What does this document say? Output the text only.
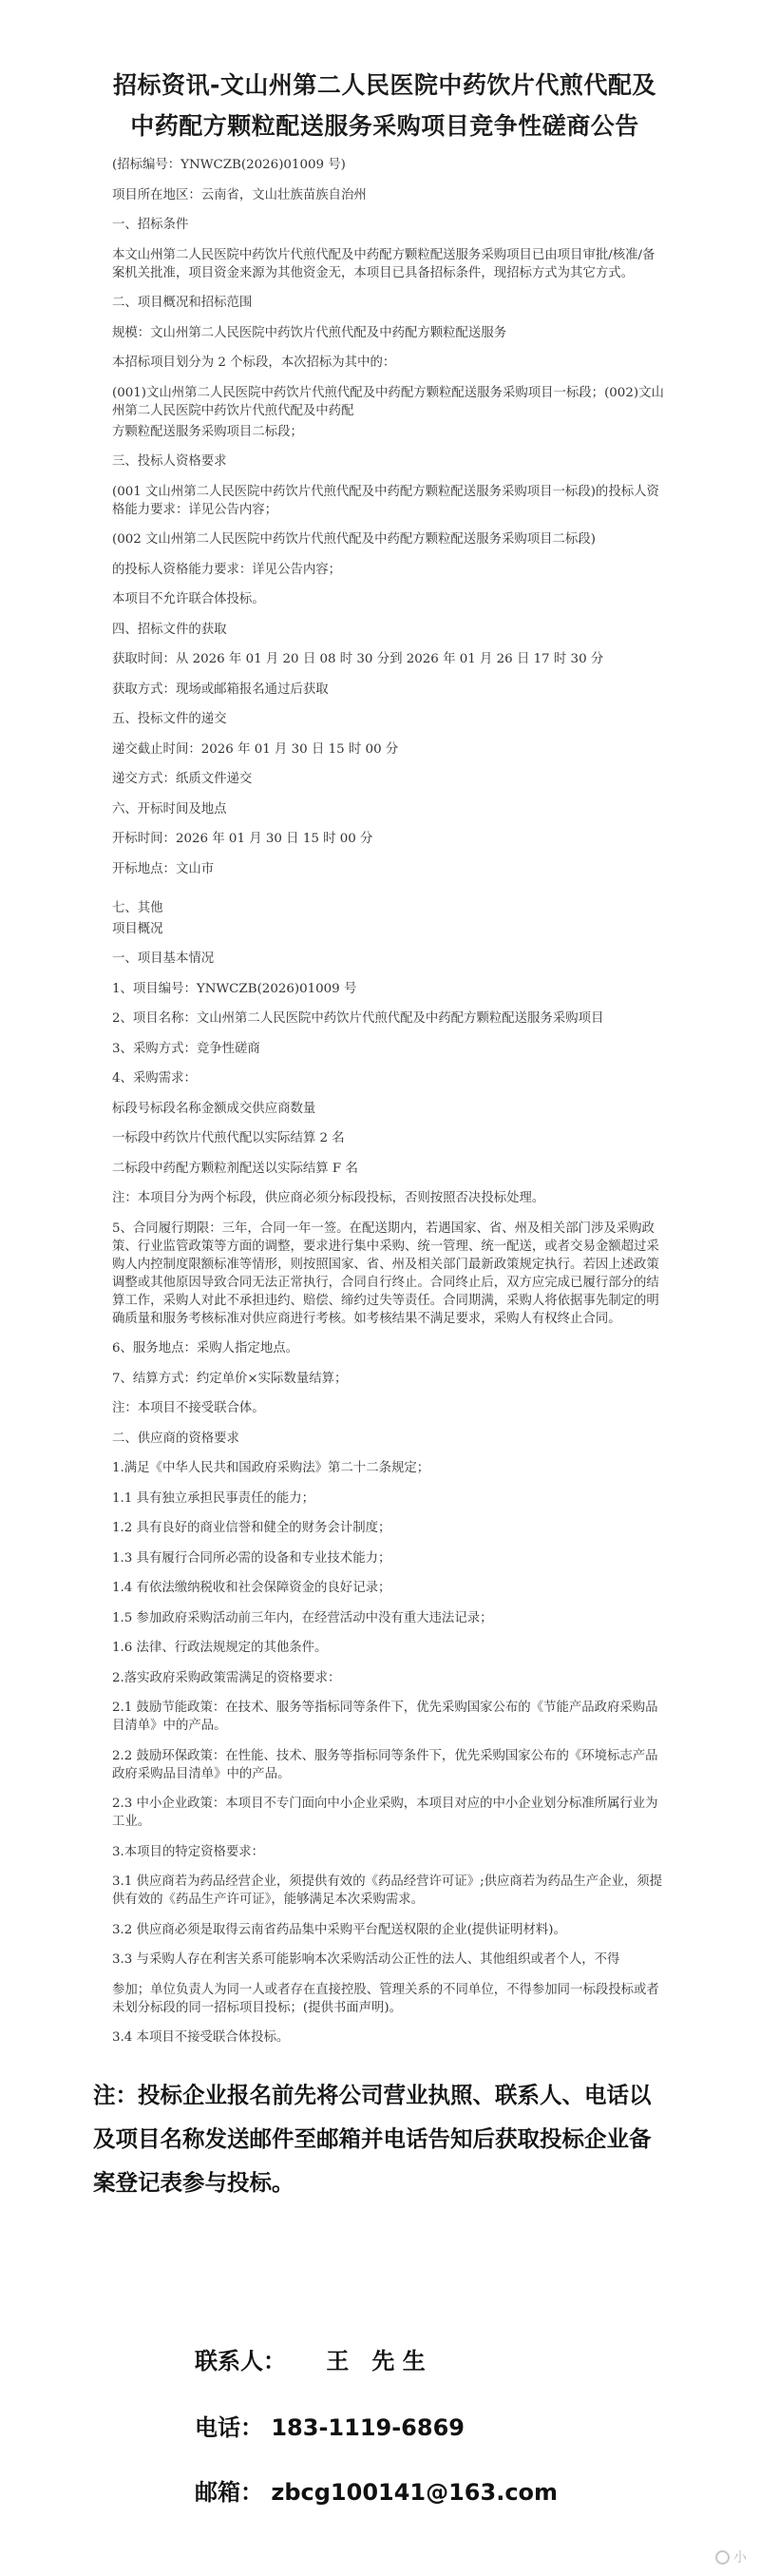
招标资讯-文山州第二人民医院中药饮片代煎代配及
中药配方颗粒配送服务采购项目竞争性磋商公告
(招标编号：YNWCZB(2026)01009 号)
项目所在地区：云南省，文山壮族苗族自治州
一、招标条件
本文山州第二人民医院中药饮片代煎代配及中药配方颗粒配送服务采购项目已由项目审批/核准/备案机关批准，项目资金来源为其他资金无，本项目已具备招标条件，现招标方式为其它方式。
二、项目概况和招标范围
规模：文山州第二人民医院中药饮片代煎代配及中药配方颗粒配送服务
本招标项目划分为 2 个标段，本次招标为其中的：
(001)文山州第二人民医院中药饮片代煎代配及中药配方颗粒配送服务采购项目一标段；(002)文山州第二人民医院中药饮片代煎代配及中药配
方颗粒配送服务采购项目二标段；
三、投标人资格要求
(001 文山州第二人民医院中药饮片代煎代配及中药配方颗粒配送服务采购项目一标段)的投标人资格能力要求：详见公告内容；
(002 文山州第二人民医院中药饮片代煎代配及中药配方颗粒配送服务采购项目二标段)
的投标人资格能力要求：详见公告内容；
本项目不允许联合体投标。
四、招标文件的获取
获取时间：从 2026 年 01 月 20 日 08 时 30 分到 2026 年 01 月 26 日 17 时 30 分
获取方式：现场或邮箱报名通过后获取
五、投标文件的递交
递交截止时间：2026 年 01 月 30 日 15 时 00 分
递交方式：纸质文件递交
六、开标时间及地点
开标时间：2026 年 01 月 30 日 15 时 00 分
开标地点：文山市
七、其他
项目概况
一、项目基本情况
1、项目编号：YNWCZB(2026)01009 号
2、项目名称：文山州第二人民医院中药饮片代煎代配及中药配方颗粒配送服务采购项目
3、采购方式：竞争性磋商
4、采购需求：
标段号标段名称金额成交供应商数量
一标段中药饮片代煎代配以实际结算 2 名
二标段中药配方颗粒剂配送以实际结算 F 名
注：本项目分为两个标段，供应商必须分标段投标，否则按照否决投标处理。
5、合同履行期限：三年，合同一年一签。在配送期内，若遇国家、省、州及相关部门涉及采购政策、行业监管政策等方面的调整，要求进行集中采购、统一管理、统一配送，或者交易金额超过采购人内控制度限额标准等情形，则按照国家、省、州及相关部门最新政策规定执行。若因上述政策调整或其他原因导致合同无法正常执行，合同自行终止。合同终止后，双方应完成已履行部分的结算工作，采购人对此不承担违约、赔偿、缔约过失等责任。合同期满，采购人将依据事先制定的明确质量和服务考核标准对供应商进行考核。如考核结果不满足要求，采购人有权终止合同。
6、服务地点：采购人指定地点。
7、结算方式：约定单价×实际数量结算；
注：本项目不接受联合体。
二、供应商的资格要求
1.满足《中华人民共和国政府采购法》第二十二条规定；
1.1 具有独立承担民事责任的能力；
1.2 具有良好的商业信誉和健全的财务会计制度；
1.3 具有履行合同所必需的设备和专业技术能力；
1.4 有依法缴纳税收和社会保障资金的良好记录；
1.5 参加政府采购活动前三年内，在经营活动中没有重大违法记录；
1.6 法律、行政法规规定的其他条件。
2.落实政府采购政策需满足的资格要求：
2.1 鼓励节能政策：在技术、服务等指标同等条件下，优先采购国家公布的《节能产品政府采购品目清单》中的产品。
2.2 鼓励环保政策：在性能、技术、服务等指标同等条件下，优先采购国家公布的《环境标志产品政府采购品目清单》中的产品。
2.3 中小企业政策：本项目不专门面向中小企业采购，本项目对应的中小企业划分标准所属行业为工业。
3.本项目的特定资格要求：
3.1 供应商若为药品经营企业，须提供有效的《药品经营许可证》;供应商若为药品生产企业，须提供有效的《药品生产许可证》，能够满足本次采购需求。
3.2 供应商必须是取得云南省药品集中采购平台配送权限的企业(提供证明材料)。
3.3 与采购人存在利害关系可能影响本次采购活动公正性的法人、其他组织或者个人，不得
参加；单位负责人为同一人或者存在直接控股、管理关系的不同单位，不得参加同一标段投标或者未划分标段的同一招标项目投标；(提供书面声明)。
3.4 本项目不接受联合体投标。
注：投标企业报名前先将公司营业执照、联系人、电话以及项目名称发送邮件至邮箱并电话告知后获取投标企业备案登记表参与投标。
联系人： 王　先 生
电话： 183-1119-6869
邮箱： zbcg100141@163.com
小
